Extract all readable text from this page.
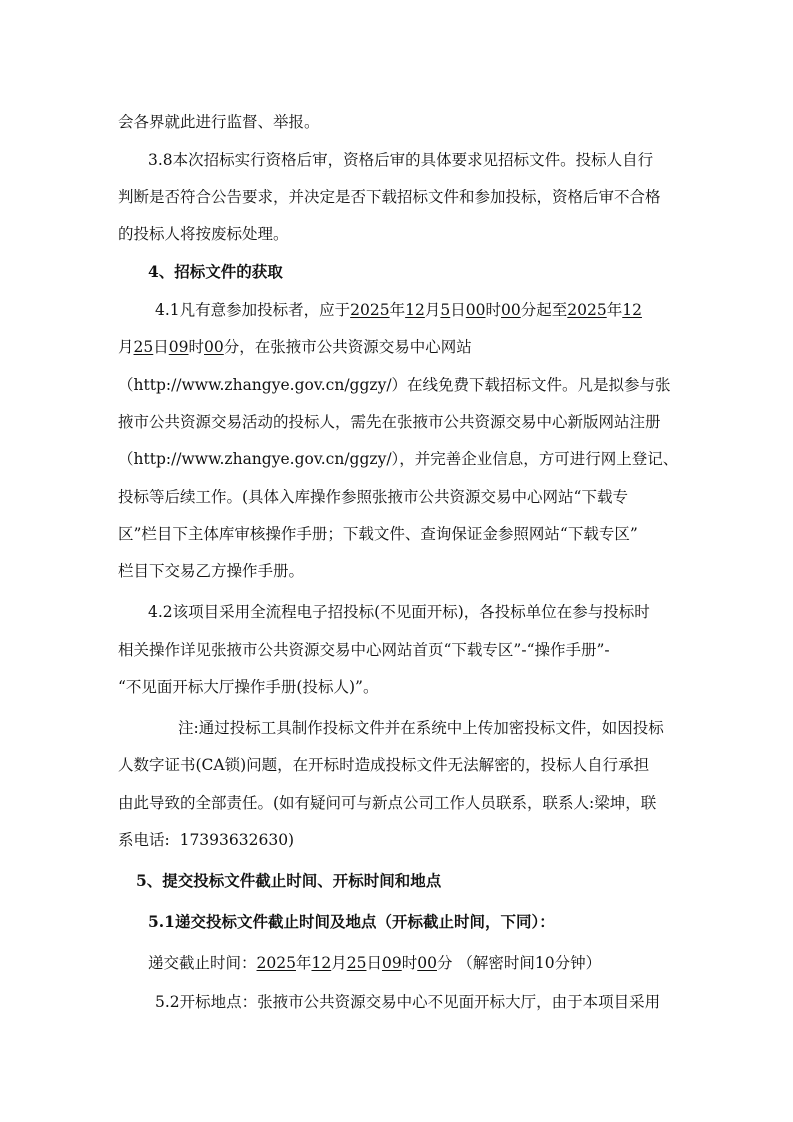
会各界就此进行监督、举报。
3.8本次招标实行资格后审，资格后审的具体要求见招标文件。投标人自行
判断是否符合公告要求，并决定是否下载招标文件和参加投标，资格后审不合格
的投标人将按废标处理。
4、招标文件的获取
4.1凡有意参加投标者，应于2025年12月5日00时00分起至2025年12
月25日09时00分，在张掖市公共资源交易中心网站
（http://www.zhangye.gov.cn/ggzy/）在线免费下载招标文件。凡是拟参与张
掖市公共资源交易活动的投标人，需先在张掖市公共资源交易中心新版网站注册
（http://www.zhangye.gov.cn/ggzy/），并完善企业信息，方可进行网上登记、
投标等后续工作。(具体入库操作参照张掖市公共资源交易中心网站“下载专
区”栏目下主体库审核操作手册；下载文件、查询保证金参照网站“下载专区”
栏目下交易乙方操作手册。
4.2该项目采用全流程电子招投标(不见面开标)，各投标单位在参与投标时
相关操作详见张掖市公共资源交易中心网站首页“下载专区”-“操作手册”-
“不见面开标大厅操作手册(投标人)”。
注:通过投标工具制作投标文件并在系统中上传加密投标文件，如因投标
人数字证书(CA锁)问题，在开标时造成投标文件无法解密的，投标人自行承担
由此导致的全部责任。(如有疑问可与新点公司工作人员联系，联系人:梁坤，联
系电话:  17393632630)
5、提交投标文件截止时间、开标时间和地点
5.1递交投标文件截止时间及地点（开标截止时间，下同）：
递交截止时间：2025年12月25日09时00分 （解密时间10分钟）
5.2开标地点：张掖市公共资源交易中心不见面开标大厅，由于本项目采用
